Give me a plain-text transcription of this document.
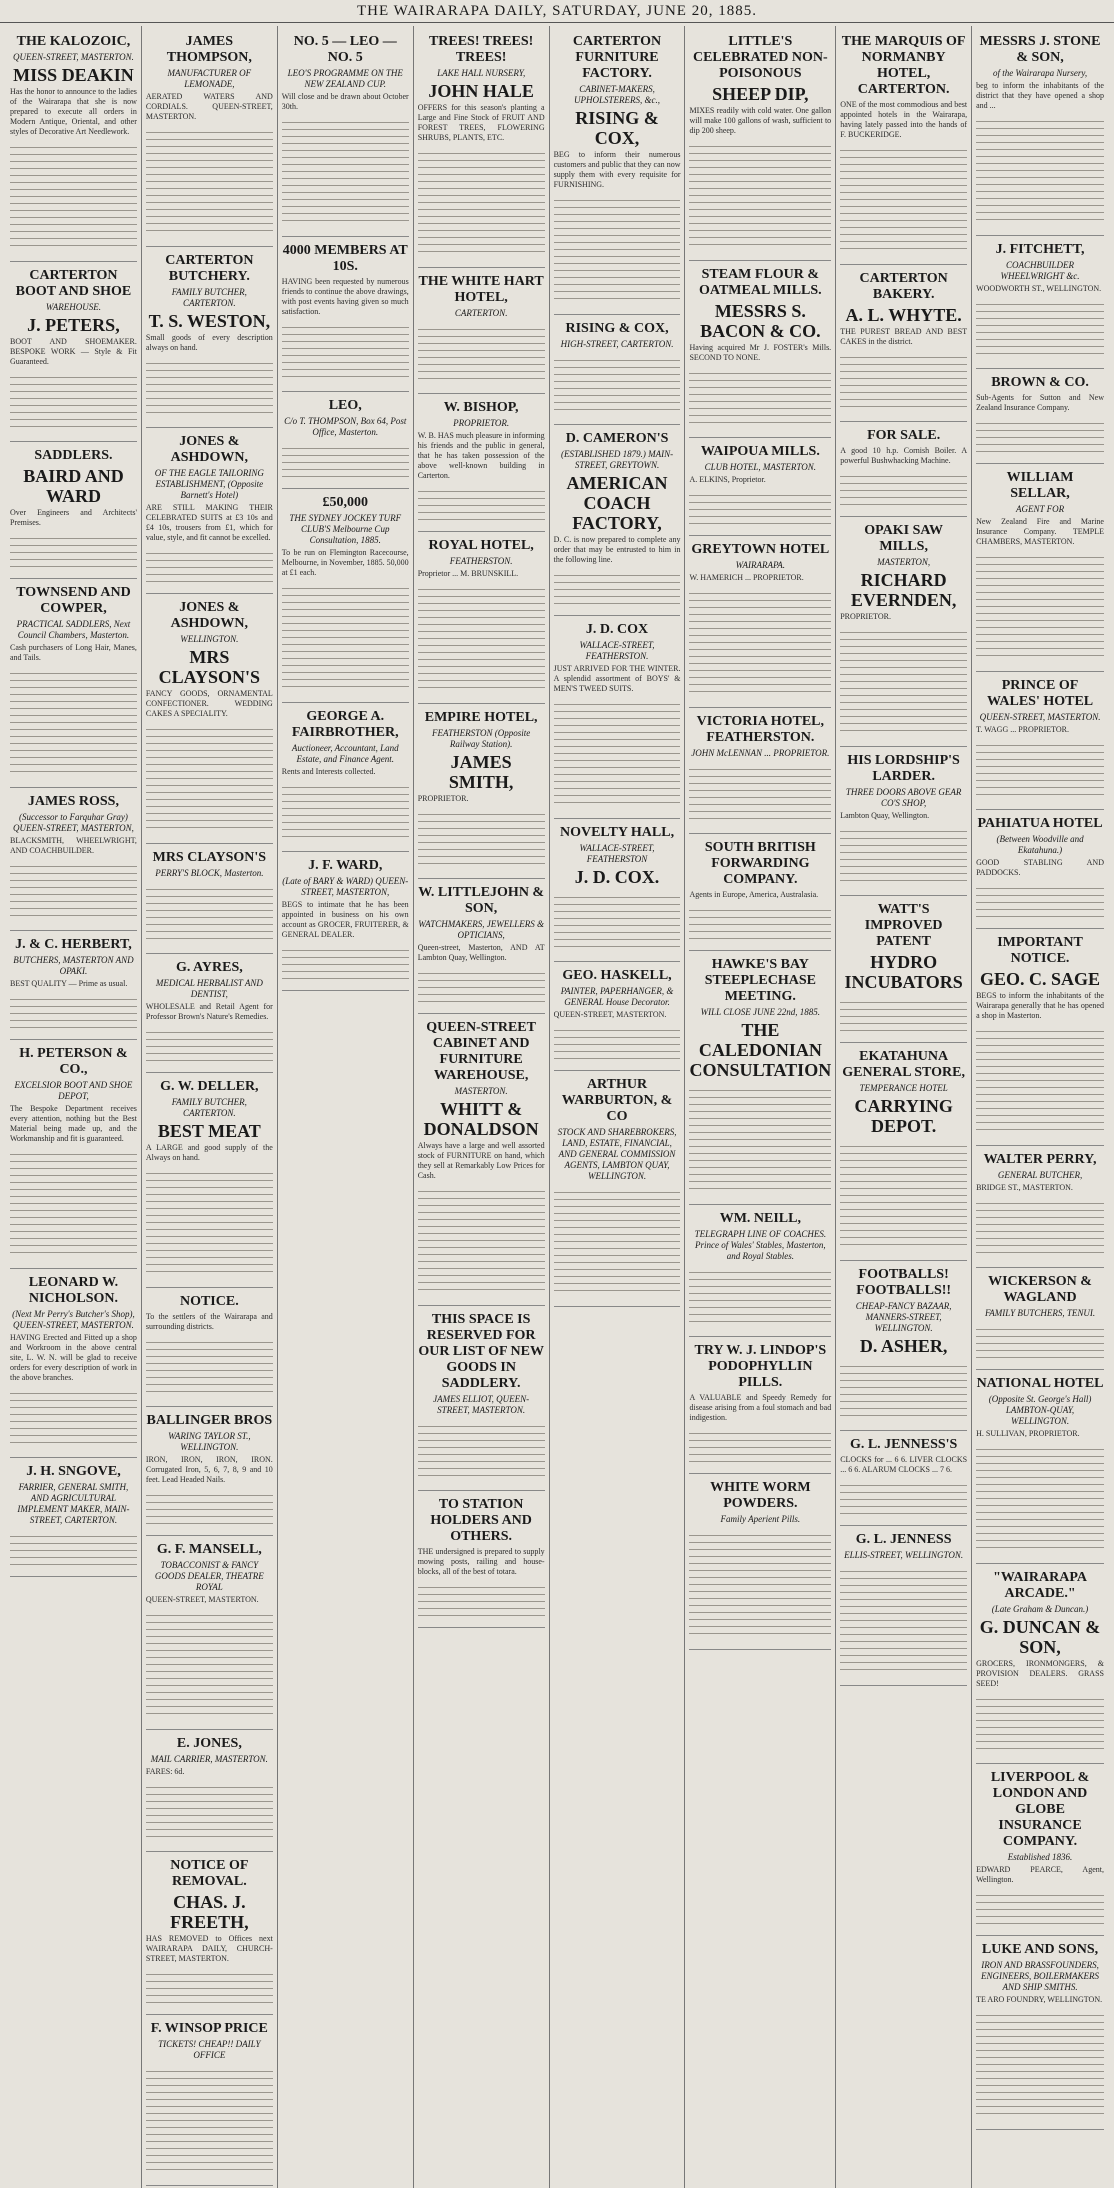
THE WAIRARAPA DAILY, SATURDAY, JUNE 20, 1885.
THE KALOZOIC,
QUEEN-STREET, MASTERTON.
MISS DEAKIN
Has the honor to announce to the ladies of the Wairarapa that she is now prepared to execute all orders in Modern Antique, Oriental, and other styles of Decorative Art Needlework.
CARTERTON BOOT AND SHOE
WAREHOUSE.
J. PETERS,
BOOT AND SHOEMAKER. BESPOKE WORK — Style & Fit Guaranteed.
SADDLERS.
BAIRD AND WARD
Over Engineers and Architects' Premises.
TOWNSEND AND COWPER,
PRACTICAL SADDLERS, Next Council Chambers, Masterton.
Cash purchasers of Long Hair, Manes, and Tails.
JAMES ROSS,
(Successor to Farquhar Gray) QUEEN-STREET, MASTERTON,
BLACKSMITH, WHEELWRIGHT, AND COACHBUILDER.
J. & C. HERBERT,
BUTCHERS, MASTERTON AND OPAKI.
BEST QUALITY — Prime as usual.
H. PETERSON & CO.,
EXCELSIOR BOOT AND SHOE DEPOT,
The Bespoke Department receives every attention, nothing but the Best Material being made up, and the Workmanship and fit is guaranteed.
LEONARD W. NICHOLSON.
(Next Mr Perry's Butcher's Shop), QUEEN-STREET, MASTERTON.
HAVING Erected and Fitted up a shop and Workroom in the above central site, L. W. N. will be glad to receive orders for every description of work in the above branches.
J. H. SNGOVE,
FARRIER, GENERAL SMITH, AND AGRICULTURAL IMPLEMENT MAKER, MAIN-STREET, CARTERTON.
JAMES THOMPSON,
MANUFACTURER OF LEMONADE,
AERATED WATERS AND CORDIALS. QUEEN-STREET, MASTERTON.
CARTERTON BUTCHERY.
FAMILY BUTCHER, CARTERTON.
T. S. WESTON,
Small goods of every description always on hand.
JONES & ASHDOWN,
OF THE EAGLE TAILORING ESTABLISHMENT, (Opposite Barnett's Hotel)
ARE STILL MAKING THEIR CELEBRATED SUITS at £3 10s and £4 10s, trousers from £1, which for value, style, and fit cannot be excelled.
JONES & ASHDOWN,
WELLINGTON.
MRS CLAYSON'S
FANCY GOODS, ORNAMENTAL CONFECTIONER. WEDDING CAKES A SPECIALITY.
MRS CLAYSON'S
PERRY'S BLOCK, Masterton.
G. AYRES,
MEDICAL HERBALIST AND DENTIST,
WHOLESALE and Retail Agent for Professor Brown's Nature's Remedies.
G. W. DELLER,
FAMILY BUTCHER, CARTERTON.
BEST MEAT
A LARGE and good supply of the Always on hand.
NOTICE.
To the settlers of the Wairarapa and surrounding districts.
BALLINGER BROS
WARING TAYLOR ST., WELLINGTON.
IRON, IRON, IRON, IRON. Corrugated Iron, 5, 6, 7, 8, 9 and 10 feet. Lead Headed Nails.
G. F. MANSELL,
TOBACCONIST & FANCY GOODS DEALER, THEATRE ROYAL
QUEEN-STREET, MASTERTON.
E. JONES,
MAIL CARRIER, MASTERTON.
FARES: 6d.
NOTICE OF REMOVAL.
CHAS. J. FREETH,
HAS REMOVED to Offices next WAIRARAPA DAILY, CHURCH-STREET, MASTERTON.
F. WINSOP PRICE
TICKETS! CHEAP!! DAILY OFFICE
NO. 5 — LEO — NO. 5
LEO'S PROGRAMME ON THE NEW ZEALAND CUP.
Will close and be drawn about October 30th.
4000 MEMBERS AT 10S.
HAVING been requested by numerous friends to continue the above drawings, with post events having given so much satisfaction.
LEO,
C/o T. THOMPSON, Box 64, Post Office, Masterton.
£50,000
THE SYDNEY JOCKEY TURF CLUB'S Melbourne Cup Consultation, 1885.
To be run on Flemington Racecourse, Melbourne, in November, 1885. 50,000 at £1 each.
GEORGE A. FAIRBROTHER,
Auctioneer, Accountant, Land Estate, and Finance Agent.
Rents and Interests collected.
J. F. WARD,
(Late of BARY & WARD) QUEEN-STREET, MASTERTON,
BEGS to intimate that he has been appointed in business on his own account as GROCER, FRUITERER, & GENERAL DEALER.
TREES! TREES! TREES!
LAKE HALL NURSERY,
JOHN HALE
OFFERS for this season's planting a Large and Fine Stock of FRUIT AND FOREST TREES, FLOWERING SHRUBS, PLANTS, ETC.
THE WHITE HART HOTEL,
CARTERTON.
W. BISHOP,
PROPRIETOR.
W. B. HAS much pleasure in informing his friends and the public in general, that he has taken possession of the above well-known building in Carterton.
ROYAL HOTEL,
FEATHERSTON.
Proprietor ... M. BRUNSKILL.
EMPIRE HOTEL,
FEATHERSTON (Opposite Railway Station).
JAMES SMITH,
PROPRIETOR.
W. LITTLEJOHN & SON,
WATCHMAKERS, JEWELLERS & OPTICIANS,
Queen-street, Masterton, AND AT Lambton Quay, Wellington.
QUEEN-STREET CABINET AND FURNITURE WAREHOUSE,
MASTERTON.
WHITT & DONALDSON
Always have a large and well assorted stock of FURNITURE on hand, which they sell at Remarkably Low Prices for Cash.
THIS SPACE IS RESERVED FOR OUR LIST OF NEW GOODS IN SADDLERY.
JAMES ELLIOT, QUEEN-STREET, MASTERTON.
TO STATION HOLDERS AND OTHERS.
THE undersigned is prepared to supply mowing posts, railing and house-blocks, all of the best of totara.
CARTERTON FURNITURE FACTORY.
CABINET-MAKERS, UPHOLSTERERS, &c.,
RISING & COX,
BEG to inform their numerous customers and public that they can now supply them with every requisite for FURNISHING.
RISING & COX,
HIGH-STREET, CARTERTON.
D. CAMERON'S
(ESTABLISHED 1879.) MAIN-STREET, GREYTOWN.
AMERICAN COACH FACTORY,
D. C. is now prepared to complete any order that may be entrusted to him in the following line.
J. D. COX
WALLACE-STREET, FEATHERSTON.
JUST ARRIVED FOR THE WINTER. A splendid assortment of BOYS' & MEN'S TWEED SUITS.
NOVELTY HALL,
WALLACE-STREET, FEATHERSTON
J. D. COX.
GEO. HASKELL,
PAINTER, PAPERHANGER, & GENERAL House Decorator.
QUEEN-STREET, MASTERTON.
ARTHUR WARBURTON, & CO
STOCK AND SHAREBROKERS, LAND, ESTATE, FINANCIAL, AND GENERAL COMMISSION AGENTS, LAMBTON QUAY, WELLINGTON.
LITTLE'S CELEBRATED NON-POISONOUS
SHEEP DIP,
MIXES readily with cold water. One gallon will make 100 gallons of wash, sufficient to dip 200 sheep.
STEAM FLOUR & OATMEAL MILLS.
MESSRS S. BACON & CO.
Having acquired Mr J. FOSTER's Mills. SECOND TO NONE.
WAIPOUA MILLS.
CLUB HOTEL, MASTERTON.
A. ELKINS, Proprietor.
GREYTOWN HOTEL
WAIRARAPA.
W. HAMERICH ... PROPRIETOR.
VICTORIA HOTEL, FEATHERSTON.
JOHN McLENNAN ... PROPRIETOR.
SOUTH BRITISH FORWARDING COMPANY.
Agents in Europe, America, Australasia.
HAWKE'S BAY STEEPLECHASE MEETING.
WILL CLOSE JUNE 22nd, 1885.
THE CALEDONIAN CONSULTATION
WM. NEILL,
TELEGRAPH LINE OF COACHES. Prince of Wales' Stables, Masterton, and Royal Stables.
TRY W. J. LINDOP'S PODOPHYLLIN PILLS.
A VALUABLE and Speedy Remedy for disease arising from a foul stomach and bad indigestion.
WHITE WORM POWDERS.
Family Aperient Pills.
THE MARQUIS OF NORMANBY HOTEL, CARTERTON.
ONE of the most commodious and best appointed hotels in the Wairarapa, having lately passed into the hands of F. BUCKERIDGE.
CARTERTON BAKERY.
A. L. WHYTE.
THE PUREST BREAD AND BEST CAKES in the district.
FOR SALE.
A good 10 h.p. Cornish Boiler. A powerful Bushwhacking Machine.
OPAKI SAW MILLS,
MASTERTON,
RICHARD EVERNDEN,
PROPRIETOR.
HIS LORDSHIP'S LARDER.
THREE DOORS ABOVE GEAR CO'S SHOP,
Lambton Quay, Wellington.
WATT'S IMPROVED PATENT
HYDRO INCUBATORS
EKATAHUNA GENERAL STORE,
TEMPERANCE HOTEL
CARRYING DEPOT.
FOOTBALLS! FOOTBALLS!!
CHEAP-FANCY BAZAAR, MANNERS-STREET, WELLINGTON.
D. ASHER,
G. L. JENNESS'S
CLOCKS for ... 6 6. LIVER CLOCKS ... 6 6. ALARUM CLOCKS ... 7 6.
G. L. JENNESS
ELLIS-STREET, WELLINGTON.
MESSRS J. STONE & SON,
of the Wairarapa Nursery,
beg to inform the inhabitants of the district that they have opened a shop and ...
J. FITCHETT,
COACHBUILDER WHEELWRIGHT &c.
WOODWORTH ST., WELLINGTON.
BROWN & CO.
Sub-Agents for Sutton and New Zealand Insurance Company.
WILLIAM SELLAR,
AGENT FOR
New Zealand Fire and Marine Insurance Company. TEMPLE CHAMBERS, MASTERTON.
PRINCE OF WALES' HOTEL
QUEEN-STREET, MASTERTON.
T. WAGG ... PROPRIETOR.
PAHIATUA HOTEL
(Between Woodville and Ekatahuna.)
GOOD STABLING AND PADDOCKS.
IMPORTANT NOTICE.
GEO. C. SAGE
BEGS to inform the inhabitants of the Wairarapa generally that he has opened a shop in Masterton.
WALTER PERRY,
GENERAL BUTCHER,
BRIDGE ST., MASTERTON.
WICKERSON & WAGLAND
FAMILY BUTCHERS, TENUI.
NATIONAL HOTEL
(Opposite St. George's Hall) LAMBTON-QUAY, WELLINGTON.
H. SULLIVAN, PROPRIETOR.
"WAIRARAPA ARCADE."
(Late Graham & Duncan.)
G. DUNCAN & SON,
GROCERS, IRONMONGERS, & PROVISION DEALERS. GRASS SEED!
LIVERPOOL & LONDON AND GLOBE INSURANCE COMPANY.
Established 1836.
EDWARD PEARCE, Agent, Wellington.
LUKE AND SONS,
IRON AND BRASSFOUNDERS, ENGINEERS, BOILERMAKERS AND SHIP SMITHS.
TE ARO FOUNDRY, WELLINGTON.
